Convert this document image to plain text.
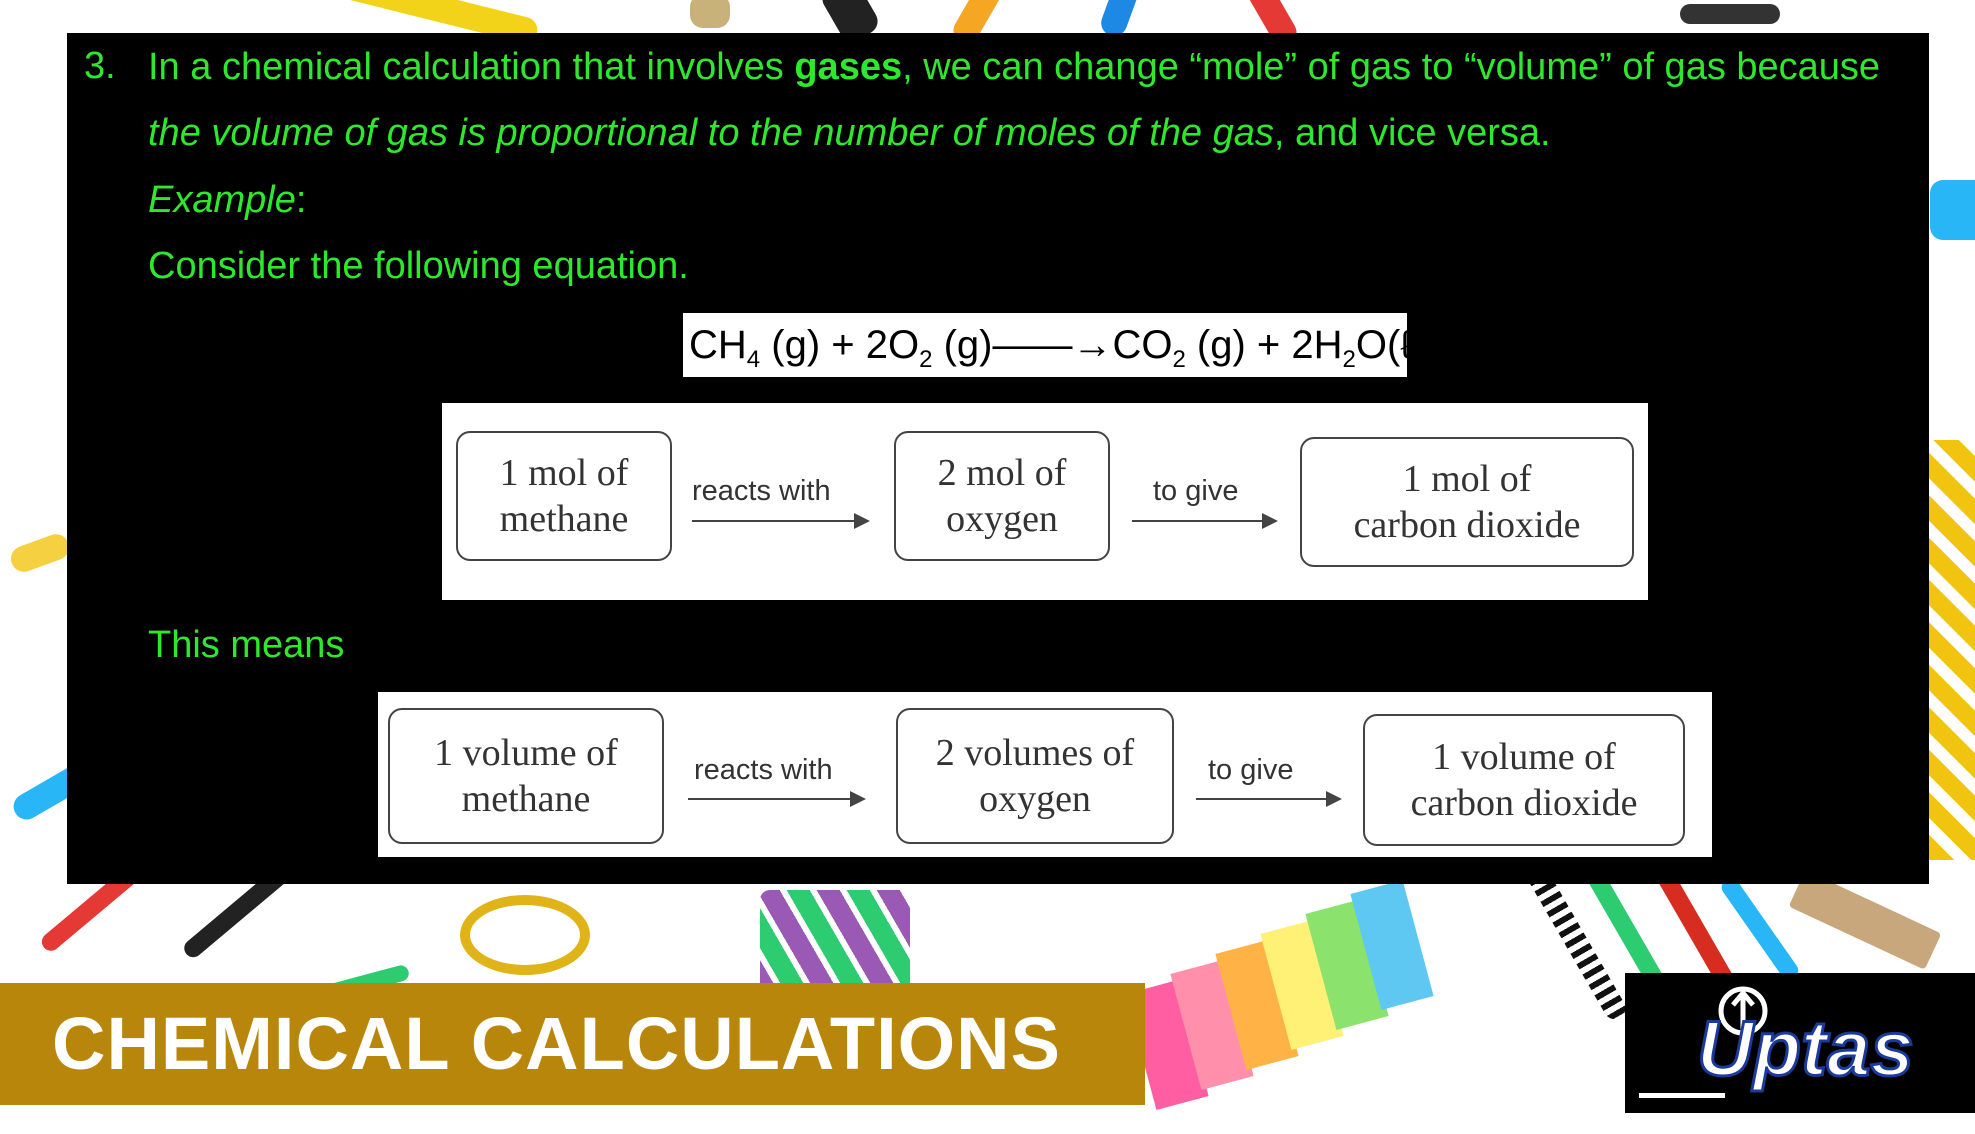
3. In a chemical calculation that involves gases, we can change “mole” of gas to “volume” of gas because
the volume of gas is proportional to the number of moles of the gas, and vice versa.
Example:
Consider the following equation.
$CH_4$ $(g) + 2O_2$ $(g)——\to CO_2$ $(g) + 2H_2O(\ell)$
1 mol of
methane
reacts with	2 mol of
oxygen
to give	1 mol of
carbon dioxide
This means
1 volume of
methane
reacts with	2 volumes of
oxygen
to give	1 volume of
carbon dioxide
CHEMICAL CALCULATIONS	Uptas
